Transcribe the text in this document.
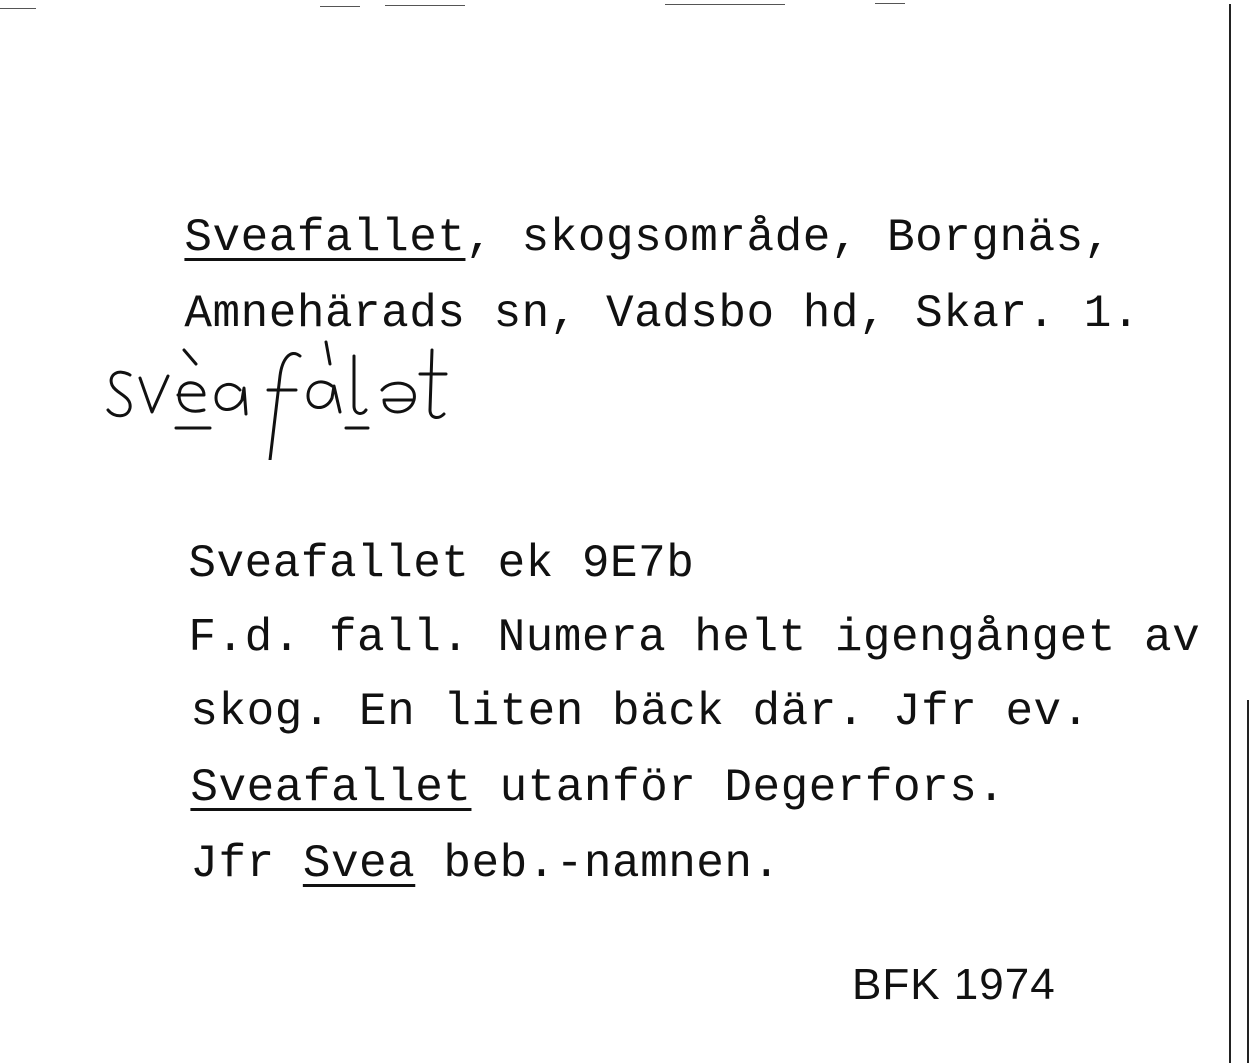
Sveafallet, skogsområde, Borgnäs,

Amnehärads sn, Vadsbo hd, Skar. 1.

svèafálət

Sveafallet ek 9E7b

F.d. fall. Numera helt igengånget av

skog. En liten bäck där. Jfr ev.

Sveafallet utanför Degerfors.

Jfr Svea beb.-namnen.

BFK 1974
